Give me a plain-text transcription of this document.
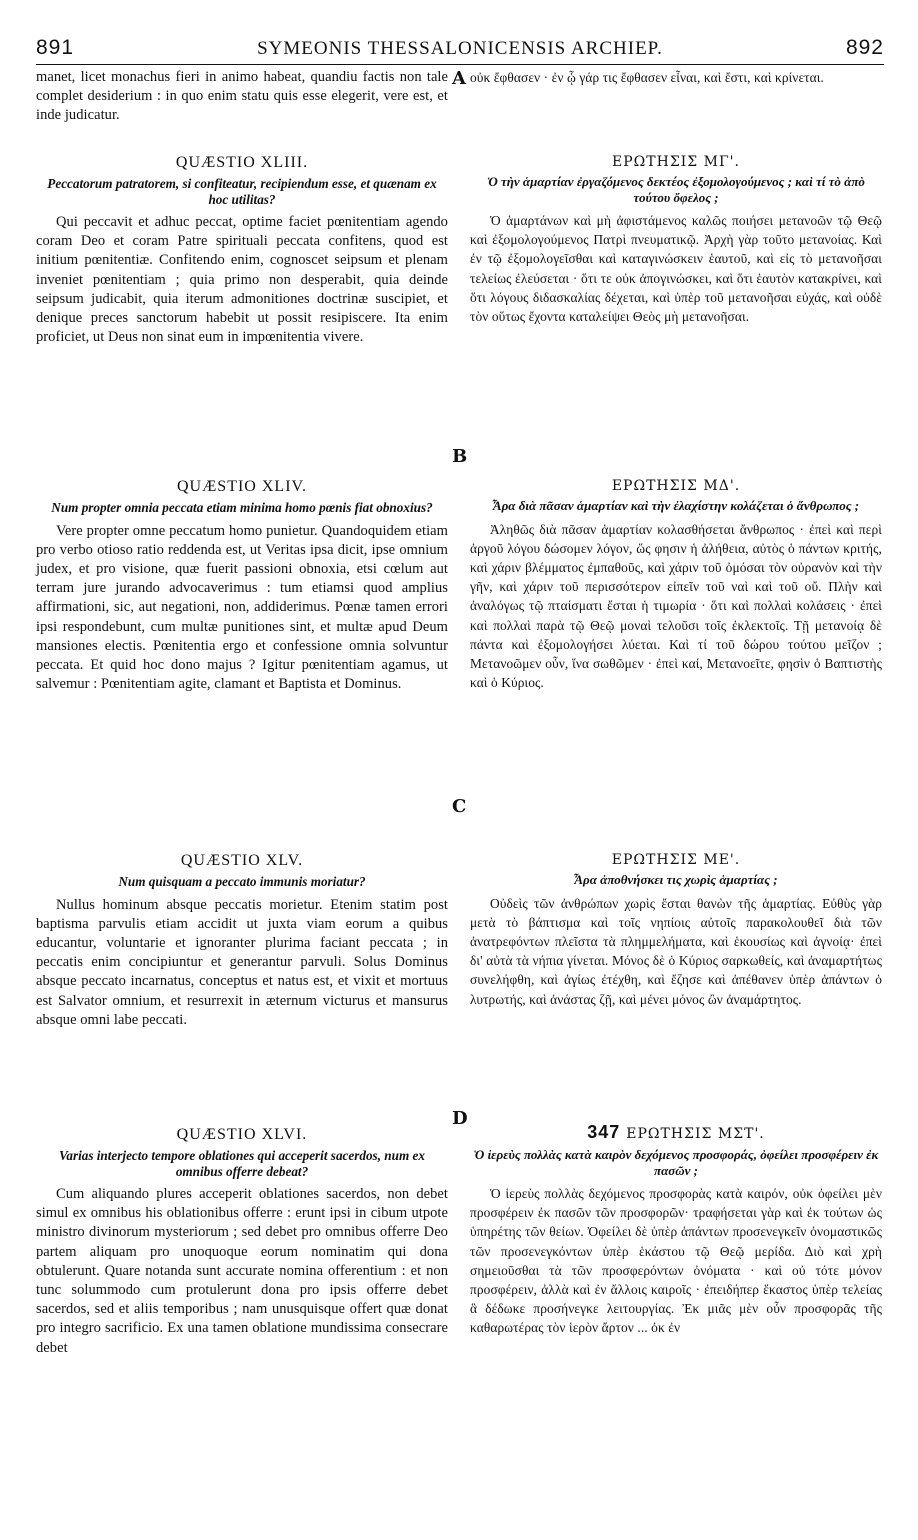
891	SYMEONIS THESSALONICENSIS ARCHIEP.	892

manet, licet monachus fieri in animo habeat, quandiu factis non tale complet desiderium : in quo enim statu quis esse elegerit, vere est, et inde judicatur.

QUÆSTIO XLIII.
Peccatorum patratorem, si confiteatur, recipiendum esse, et quænam ex hoc utilitas?

Qui peccavit et adhuc peccat, optime faciet pœnitentiam agendo coram Deo et coram Patre spirituali peccata confitens, quod est initium pœnitentiæ. Confitendo enim, cognoscet seipsum et plenam inveniet pœnitentiam ; quia primo non desperabit, quia deinde seipsum judicabit, quia iterum admonitiones doctrinæ suscipiet, et denique preces sanctorum habebit ut possit resipiscere. Ita enim proficiet, ut Deus non sinat eum in impœnitentia vivere.

QUÆSTIO XLIV.
Num propter omnia peccata etiam minima homo pœnis fiat obnoxius?

Vere propter omne peccatum homo punietur. Quandoquidem etiam pro verbo otioso ratio reddenda est, ut Veritas ipsa dicit, ipse omnium judex, et pro visione, quæ fuerit passioni obnoxia, etsi cœlum aut terram jure jurando advocaverimus : tum etiamsi quod amplius affirmationi, sic, aut negationi, non, addiderimus. Pœnæ tamen errori ipsi respondebunt, cum multæ punitiones sint, et multæ apud Deum mansiones electis. Pœnitentia ergo et confessione omnia solvuntur peccata. Et quid hoc dono majus ? Igitur pœnitentiam agamus, ut salvemur : Pœnitentiam agite, clamant et Baptista et Dominus.

QUÆSTIO XLV.
Num quisquam a peccato immunis moriatur?

Nullus hominum absque peccatis morietur. Etenim statim post baptisma parvulis etiam accidit ut juxta viam eorum a quibus educantur, voluntarie et ignoranter plurima faciant peccata ; in peccatis enim concipiuntur et generantur parvuli. Solus Dominus absque peccato incarnatus, conceptus et natus est, et vixit et mortuus est Salvator omnium, et resurrexit in æternum victurus et mansurus absque omni labe peccati.

QUÆSTIO XLVI.
Varias interjecto tempore oblationes qui acceperit sacerdos, num ex omnibus offerre debeat?

Cum aliquando plures acceperit oblationes sacerdos, non debet simul ex omnibus his oblationibus offerre : erunt ipsi in cibum utpote ministro divinorum mysteriorum ; sed debet pro omnibus offerre Deo partem aliquam pro unoquoque eorum nominatim qui dona obtulerunt. Quare notanda sunt accurate nomina offerentium : et non tunc solummodo cum protulerunt dona pro ipsis offerre debet sacerdos, sed et aliis temporibus ; nam unusquisque offert quæ donat pro integro sacrificio. Ex una tamen oblatione mundissima consecrare debet

A
B
C
D

οὐκ ἔφθασεν · ἐν ᾧ γάρ τις ἔφθασεν εἶναι, καὶ ἔστι, καὶ κρίνεται.

ΕΡΩΤΗΣΙΣ ΜΓ'.
Ὁ τὴν ἁμαρτίαν ἐργαζόμενος δεκτέος ἐξομολογούμενος ; καὶ τί τὸ ἀπὸ τούτου ὄφελος ;

Ὁ ἁμαρτάνων καὶ μὴ ἀφιστάμενος καλῶς ποιήσει μετανοῶν τῷ Θεῷ καὶ ἐξομολογούμενος Πατρὶ πνευματικῷ. Ἀρχὴ γὰρ τοῦτο μετανοίας. Καὶ ἐν τῷ ἐξομολογεῖσθαι καὶ καταγινώσκειν ἑαυτοῦ, καὶ εἰς τὸ μετανοῆσαι τελείως ἐλεύσεται · ὅτι τε οὐκ ἀπογινώσκει, καὶ ὅτι ἑαυτὸν κατακρίνει, καὶ ὅτι λόγους διδασκαλίας δέχεται, καὶ ὑπὲρ τοῦ μετανοῆσαι εὐχάς, καὶ οὐδὲ τὸν οὕτως ἔχοντα καταλείψει Θεὸς μὴ μετανοῆσαι.

ΕΡΩΤΗΣΙΣ ΜΔ'.
Ἆρα διὰ πᾶσαν ἁμαρτίαν καὶ τὴν ἐλαχίστην κολάζεται ὁ ἄνθρωπος ;

Ἀληθῶς διὰ πᾶσαν ἁμαρτίαν κολασθήσεται ἄνθρωπος · ἐπεὶ καὶ περὶ ἀργοῦ λόγου δώσομεν λόγον, ὥς φησιν ἡ ἀλήθεια, αὐτὸς ὁ πάντων κριτής, καὶ χάριν βλέμματος ἐμπαθοῦς, καὶ χάριν τοῦ ὀμόσαι τὸν οὐρανὸν καὶ τὴν γῆν, καὶ χάριν τοῦ περισσότερον εἰπεῖν τοῦ ναὶ καὶ τοῦ οὔ. Πλὴν καὶ ἀναλόγως τῷ πταίσματι ἔσται ἡ τιμωρία · ὅτι καὶ πολλαὶ κολάσεις · ἐπεὶ καὶ πολλαὶ παρὰ τῷ Θεῷ μοναὶ τελοῦσι τοῖς ἐκλεκτοῖς. Τῇ μετανοίᾳ δὲ πάντα καὶ ἐξομολογήσει λύεται. Καὶ τί τοῦ δώρου τούτου μεῖζον ; Μετανοῶμεν οὖν, ἵνα σωθῶμεν · ἐπεὶ καί, Μετανοεῖτε, φησὶν ὁ Βαπτιστὴς καὶ ὁ Κύριος.

ΕΡΩΤΗΣΙΣ ΜΕ'.
Ἆρα ἀποθνήσκει τις χωρὶς ἁμαρτίας ;

Οὐδεὶς τῶν ἀνθρώπων χωρὶς ἔσται θανὼν τῆς ἁμαρτίας. Εὐθὺς γὰρ μετὰ τὸ βάπτισμα καὶ τοῖς νηπίοις αὐτοῖς παρακολουθεῖ διὰ τῶν ἀνατρεφόντων πλεῖστα τὰ πλημμελήματα, καὶ ἑκουσίως καὶ ἀγνοίᾳ· ἐπεὶ δι' αὐτὰ τὰ νήπια γίνεται. Μόνος δὲ ὁ Κύριος σαρκωθείς, καὶ ἀναμαρτήτως συνελήφθη, καὶ ἁγίως ἐτέχθη, καὶ ἔζησε καὶ ἀπέθανεν ὑπὲρ ἁπάντων ὁ λυτρωτής, καὶ ἀνάστας ζῇ, καὶ μένει μόνος ὢν ἀναμάρτητος.

347 ΕΡΩΤΗΣΙΣ ΜΣΤ'.
Ὁ ἱερεὺς πολλὰς κατὰ καιρὸν δεχόμενος προσφοράς, ὀφείλει προσφέρειν ἐκ πασῶν ;

Ὁ ἱερεὺς πολλὰς δεχόμενος προσφορὰς κατὰ καιρόν, οὐκ ὀφείλει μὲν προσφέρειν ἐκ πασῶν τῶν προσφορῶν· τραφήσεται γὰρ καὶ ἐκ τούτων ὡς ὑπηρέτης τῶν θείων. Ὀφείλει δὲ ὑπὲρ ἁπάντων προσενεγκεῖν ὀνομαστικῶς τῶν προσενεγκόντων ὑπὲρ ἑκάστου τῷ Θεῷ μερίδα. Διὸ καὶ χρὴ σημειοῦσθαι τὰ τῶν προσφερόντων ὀνόματα · καὶ οὐ τότε μόνον προσφέρειν, ἀλλὰ καὶ ἐν ἄλλοις καιροῖς · ἐπειδήπερ ἕκαστος ὑπὲρ τελείας ἃ δέδωκε προσήνεγκε λειτουργίας. Ἐκ μιᾶς μὲν οὖν προσφορᾶς τῆς καθαρωτέρας τὸν ἱερὸν ἄρτον ... ὀκ ἐν
